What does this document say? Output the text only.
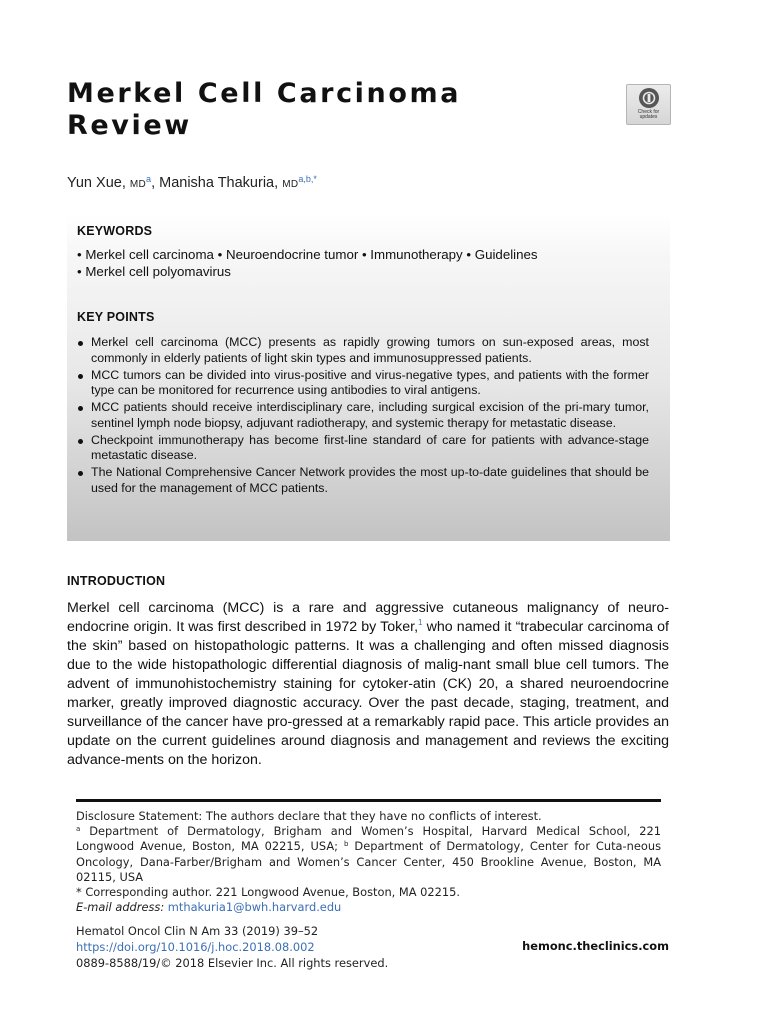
Merkel Cell Carcinoma
Review	Check for
updates
Yun Xue, $MD^a$, Manisha Thakuria, $MD^{a,b,*}$
KEYWORDS
• Merkel cell carcinoma • Neuroendocrine tumor • Immunotherapy • Guidelines
• Merkel cell polyomavirus
KEY POINTS
Merkel cell carcinoma (MCC) presents as rapidly growing tumors on sun-exposed areas, most commonly in elderly patients of light skin types and immunosuppressed patients.
MCC tumors can be divided into virus-positive and virus-negative types, and patients with the former type can be monitored for recurrence using antibodies to viral antigens.
MCC patients should receive interdisciplinary care, including surgical excision of the pri-mary tumor, sentinel lymph node biopsy, adjuvant radiotherapy, and systemic therapy for metastatic disease.
Checkpoint immunotherapy has become first-line standard of care for patients with advance-stage metastatic disease.
The National Comprehensive Cancer Network provides the most up-to-date guidelines that should be used for the management of MCC patients.
INTRODUCTION

Merkel cell carcinoma (MCC) is a rare and aggressive cutaneous malignancy of neuro-endocrine origin. It was first described in 1972 by Toker,$^1$ who named it “trabecular carcinoma of the skin” based on histopathologic patterns. It was a challenging and often missed diagnosis due to the wide histopathologic differential diagnosis of malig-nant small blue cell tumors. The advent of immunohistochemistry staining for cytoker-atin (CK) 20, a shared neuroendocrine marker, greatly improved diagnostic accuracy. Over the past decade, staging, treatment, and surveillance of the cancer have pro-gressed at a remarkably rapid pace. This article provides an update on the current guidelines around diagnosis and management and reviews the exciting advance-ments on the horizon.

Disclosure Statement: The authors declare that they have no conflicts of interest.

$^a$ Department of Dermatology, Brigham and Women’s Hospital, Harvard Medical School, 221 Longwood Avenue, Boston, MA 02215, USA; $^b$ Department of Dermatology, Center for Cuta-neous Oncology, Dana-Farber/Brigham and Women’s Cancer Center, 450 Brookline Avenue, Boston, MA 02115, USA

* Corresponding author. 221 Longwood Avenue, Boston, MA 02215.

E-mail address: mthakuria1@bwh.harvard.edu

Hematol Oncol Clin N Am 33 (2019) 39–52
https://doi.org/10.1016/j.hoc.2018.08.002
0889-8588/19/© 2018 Elsevier Inc. All rights reserved.
hemonc.theclinics.com
